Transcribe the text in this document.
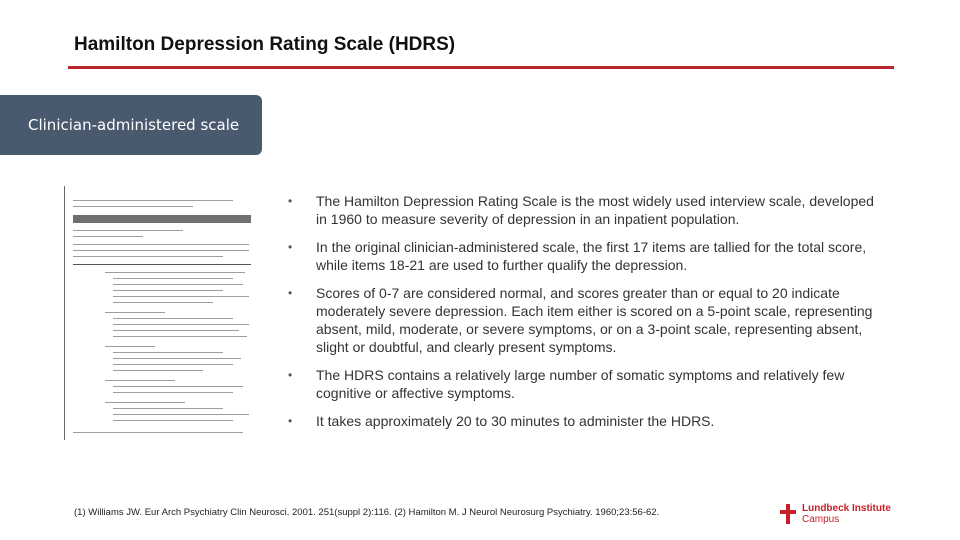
Hamilton Depression Rating Scale (HDRS)
Clinician-administered scale
• The Hamilton Depression Rating Scale is the most widely used interview scale, developed in 1960 to measure severity of depression in an inpatient population.
• In the original clinician-administered scale, the first 17 items are tallied for the total score, while items 18-21 are used to further qualify the depression.
• Scores of 0-7 are considered normal, and scores greater than or equal to 20 indicate moderately severe depression. Each item either is scored on a 5-point scale, representing absent, mild, moderate, or severe symptoms, or on a 3-point scale, representing absent, slight or doubtful, and clearly present symptoms.
• The HDRS contains a relatively large number of somatic symptoms and relatively few cognitive or affective symptoms.
• It takes approximately 20 to 30 minutes to administer the HDRS.
(1) Williams JW. Eur Arch Psychiatry Clin Neurosci. 2001. 251(suppl 2):116. (2) Hamilton M. J Neurol Neurosurg Psychiatry. 1960;23:56-62.	Lundbeck Institute
Campus
